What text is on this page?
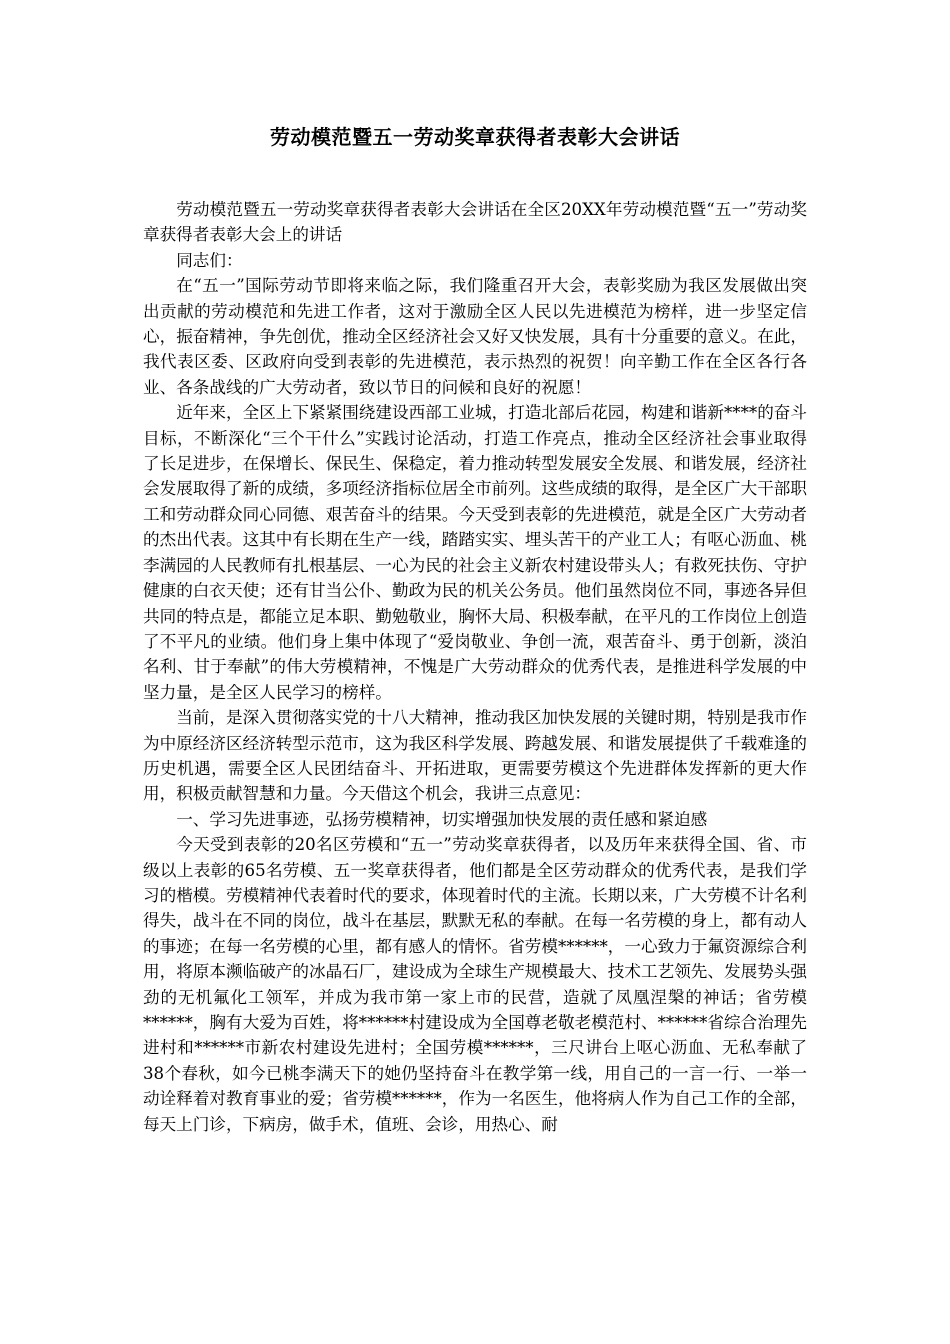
劳动模范暨五一劳动奖章获得者表彰大会讲话

劳动模范暨五一劳动奖章获得者表彰大会讲话在全区20XX年劳动模范暨“五一”劳动奖章获得者表彰大会上的讲话

同志们：

在“五一”国际劳动节即将来临之际，我们隆重召开大会，表彰奖励为我区发展做出突出贡献的劳动模范和先进工作者，这对于激励全区人民以先进模范为榜样，进一步坚定信心，振奋精神，争先创优，推动全区经济社会又好又快发展，具有十分重要的意义。在此，我代表区委、区政府向受到表彰的先进模范，表示热烈的祝贺！向辛勤工作在全区各行各业、各条战线的广大劳动者，致以节日的问候和良好的祝愿！

近年来，全区上下紧紧围绕建设西部工业城，打造北部后花园，构建和谐新****的奋斗目标，不断深化“三个干什么”实践讨论活动，打造工作亮点，推动全区经济社会事业取得了长足进步，在保增长、保民生、保稳定，着力推动转型发展安全发展、和谐发展，经济社会发展取得了新的成绩，多项经济指标位居全市前列。这些成绩的取得，是全区广大干部职工和劳动群众同心同德、艰苦奋斗的结果。今天受到表彰的先进模范，就是全区广大劳动者的杰出代表。这其中有长期在生产一线，踏踏实实、埋头苦干的产业工人；有呕心沥血、桃李满园的人民教师有扎根基层、一心为民的社会主义新农村建设带头人；有救死扶伤、守护健康的白衣天使；还有甘当公仆、勤政为民的机关公务员。他们虽然岗位不同，事迹各异但共同的特点是，都能立足本职、勤勉敬业，胸怀大局、积极奉献，在平凡的工作岗位上创造了不平凡的业绩。他们身上集中体现了“爱岗敬业、争创一流，艰苦奋斗、勇于创新，淡泊名利、甘于奉献”的伟大劳模精神，不愧是广大劳动群众的优秀代表，是推进科学发展的中坚力量，是全区人民学习的榜样。

当前，是深入贯彻落实党的十八大精神，推动我区加快发展的关键时期，特别是我市作为中原经济区经济转型示范市，这为我区科学发展、跨越发展、和谐发展提供了千载难逢的历史机遇，需要全区人民团结奋斗、开拓进取，更需要劳模这个先进群体发挥新的更大作用，积极贡献智慧和力量。今天借这个机会，我讲三点意见：

一、学习先进事迹，弘扬劳模精神，切实增强加快发展的责任感和紧迫感

今天受到表彰的20名区劳模和“五一”劳动奖章获得者，以及历年来获得全国、省、市级以上表彰的65名劳模、五一奖章获得者，他们都是全区劳动群众的优秀代表，是我们学习的楷模。劳模精神代表着时代的要求，体现着时代的主流。长期以来，广大劳模不计名利得失，战斗在不同的岗位，战斗在基层，默默无私的奉献。在每一名劳模的身上，都有动人的事迹；在每一名劳模的心里，都有感人的情怀。省劳模******，一心致力于氟资源综合利用，将原本濒临破产的冰晶石厂，建设成为全球生产规模最大、技术工艺领先、发展势头强劲的无机氟化工领军，并成为我市第一家上市的民营，造就了凤凰涅槃的神话；省劳模******，胸有大爱为百姓，将******村建设成为全国尊老敬老模范村、******省综合治理先进村和******市新农村建设先进村；全国劳模******，三尺讲台上呕心沥血、无私奉献了38个春秋，如今已桃李满天下的她仍坚持奋斗在教学第一线，用自己的一言一行、一举一动诠释着对教育事业的爱；省劳模******，作为一名医生，他将病人作为自己工作的全部，每天上门诊，下病房，做手术，值班、会诊，用热心、耐
